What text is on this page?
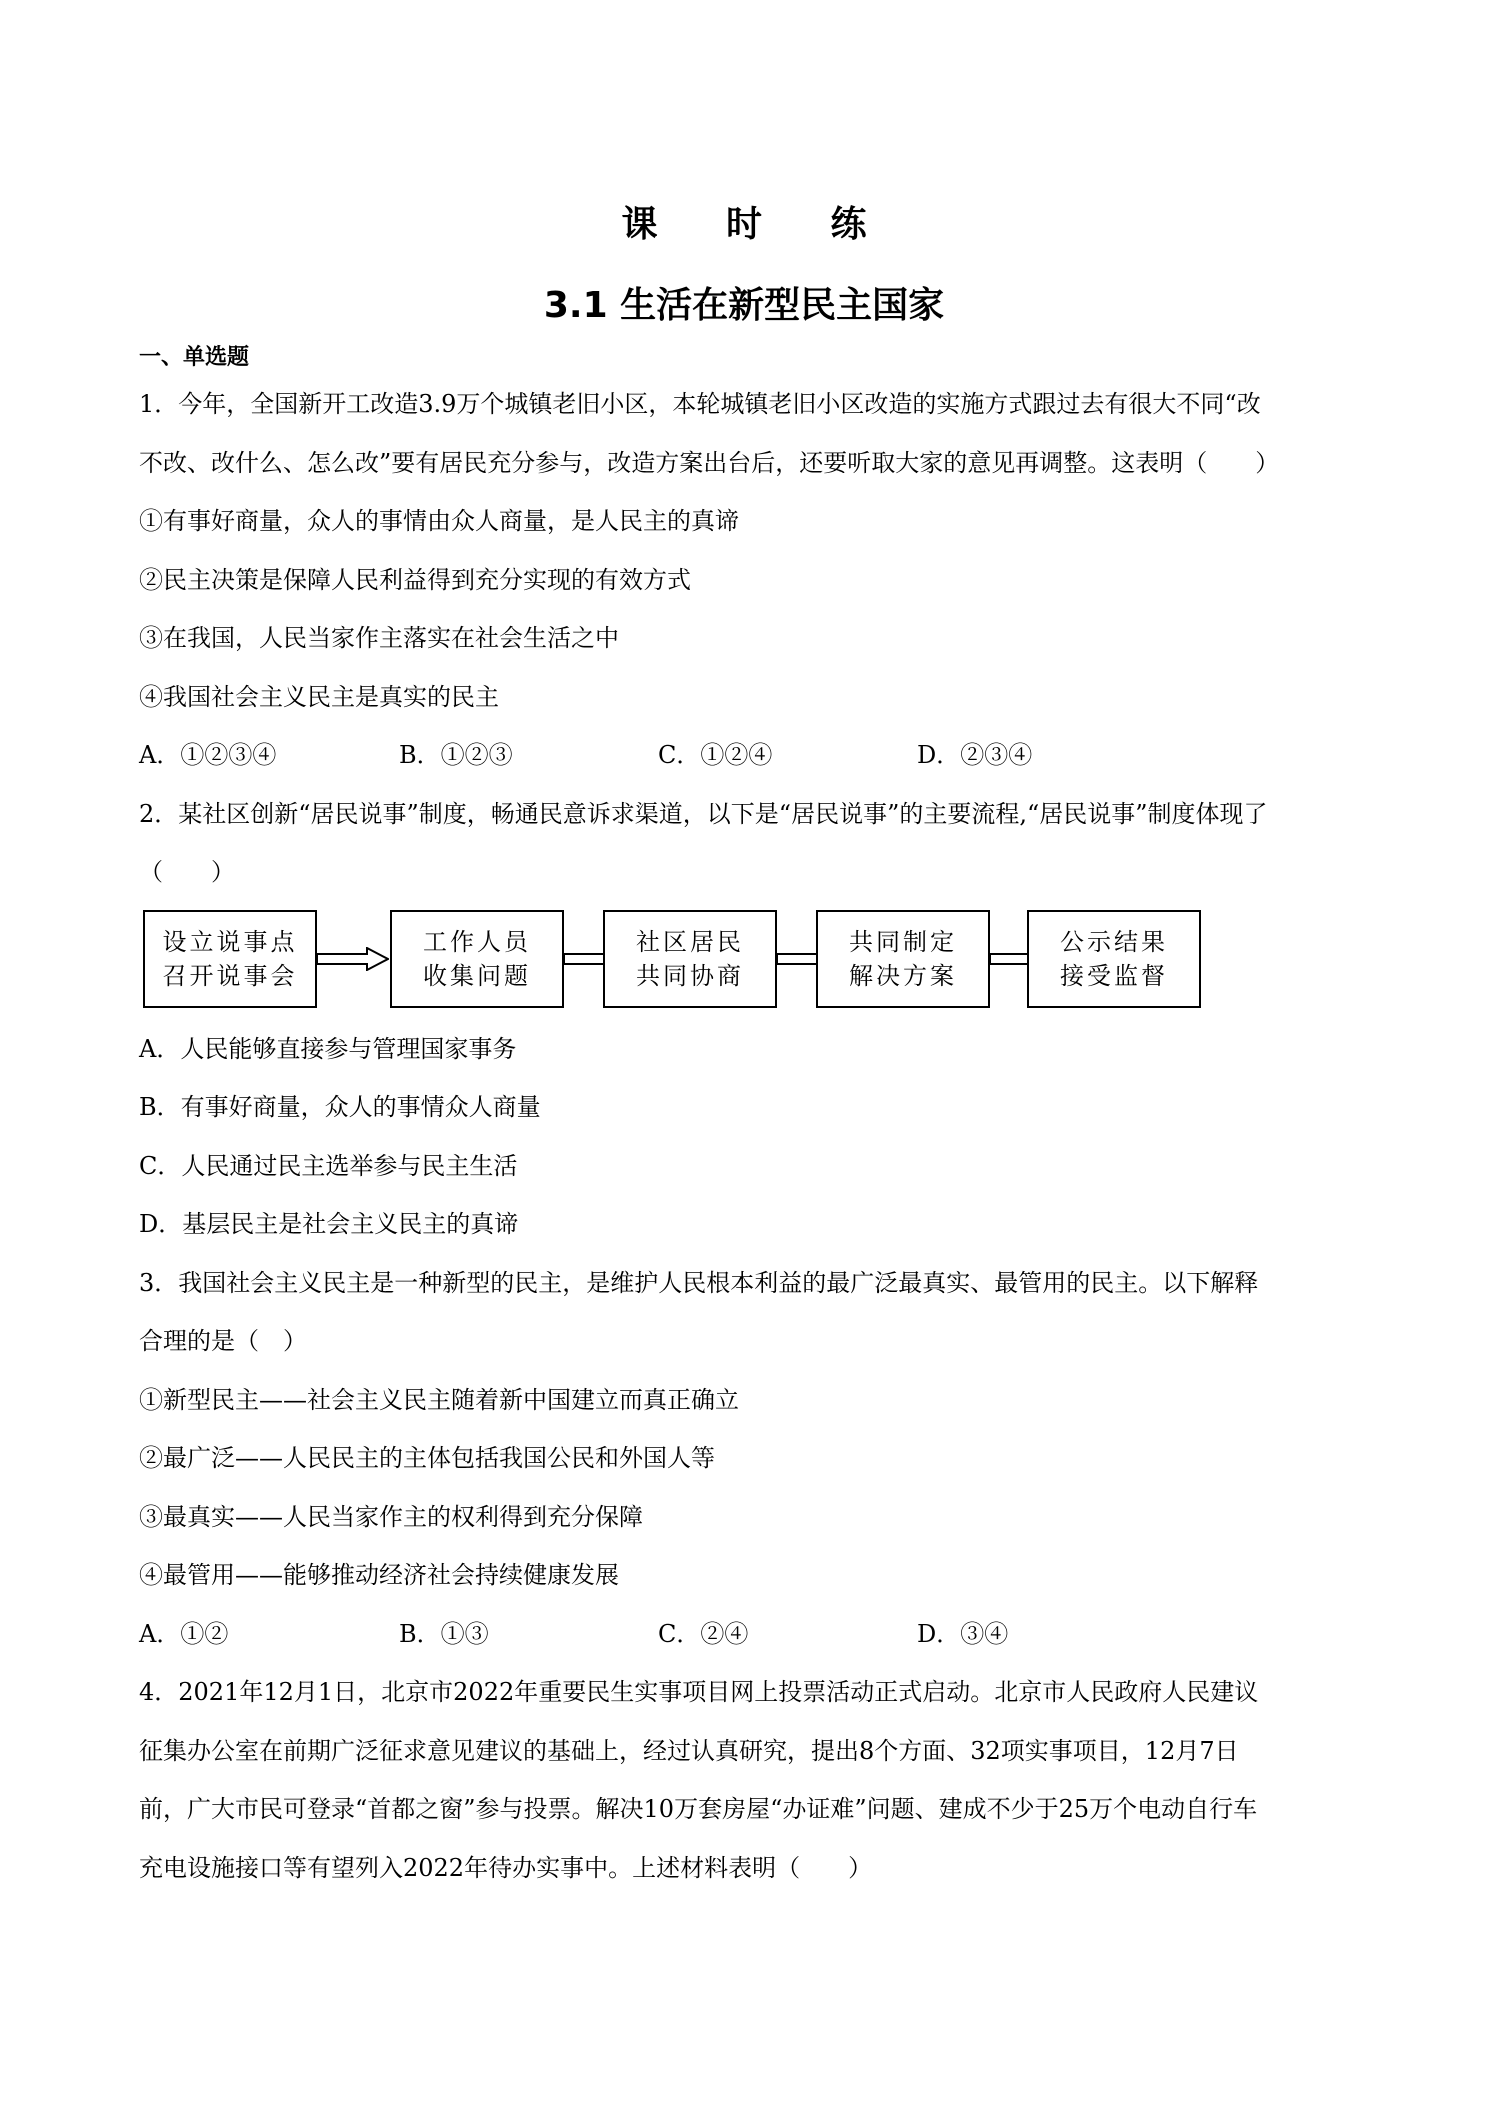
课 时 练
3.1 生活在新型民主国家
一、单选题
1．今年，全国新开工改造3.9万个城镇老旧小区，本轮城镇老旧小区改造的实施方式跟过去有很大不同“改
不改、改什么、怎么改”要有居民充分参与，改造方案出台后，还要听取大家的意见再调整。这表明（　　）
①有事好商量，众人的事情由众人商量，是人民主的真谛
②民主决策是保障人民利益得到充分实现的有效方式
③在我国，人民当家作主落实在社会生活之中
④我国社会主义民主是真实的民主
A．①②③④	B．①②③	C．①②④	D．②③④
2．某社区创新“居民说事”制度，畅通民意诉求渠道，以下是“居民说事”的主要流程,“居民说事”制度体现了
（　　）
设立说事点
召开说事会
工作人员
收集问题
社区居民
共同协商
共同制定
解决方案
公示结果
接受监督
A．人民能够直接参与管理国家事务
B．有事好商量，众人的事情众人商量
C．人民通过民主选举参与民主生活
D．基层民主是社会主义民主的真谛
3．我国社会主义民主是一种新型的民主，是维护人民根本利益的最广泛最真实、最管用的民主。以下解释
合理的是（　）
①新型民主——社会主义民主随着新中国建立而真正确立
②最广泛——人民民主的主体包括我国公民和外国人等
③最真实——人民当家作主的权利得到充分保障
④最管用——能够推动经济社会持续健康发展
A．①②	B．①③	C．②④	D．③④
4．2021年12月1日，北京市2022年重要民生实事项目网上投票活动正式启动。北京市人民政府人民建议
征集办公室在前期广泛征求意见建议的基础上，经过认真研究，提出8个方面、32项实事项目，12月7日
前，广大市民可登录“首都之窗”参与投票。解决10万套房屋“办证难”问题、建成不少于25万个电动自行车
充电设施接口等有望列入2022年待办实事中。上述材料表明（　　）
